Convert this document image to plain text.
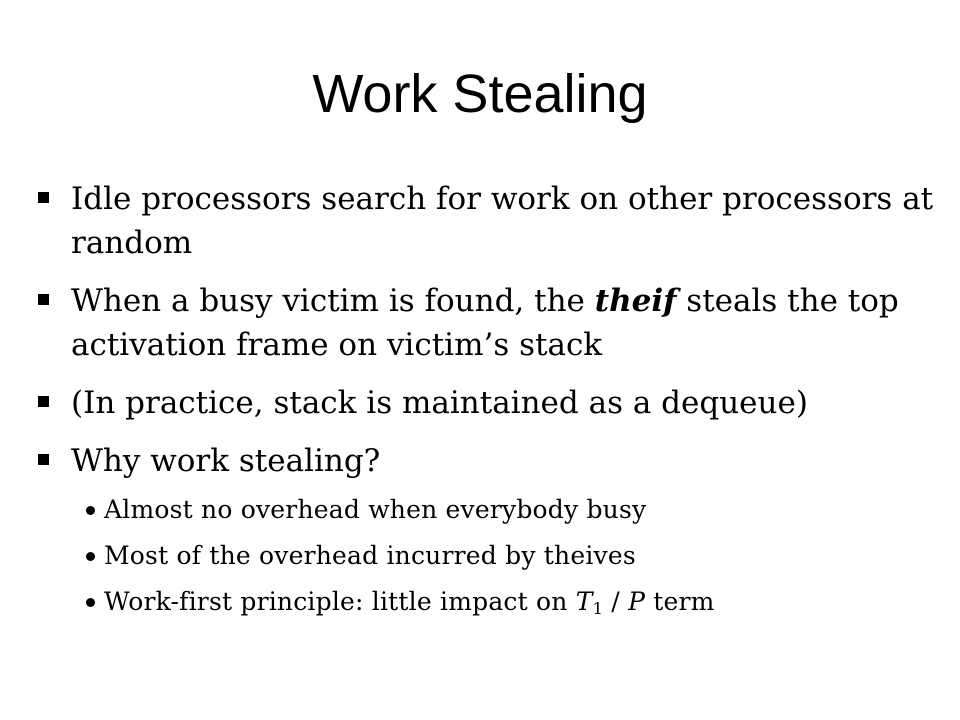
Work Stealing
Idle processors search for work on other processors at random
When a busy victim is found, the theif steals the top activation frame on victim’s stack
(In practice, stack is maintained as a dequeue)
Why work stealing?
Almost no overhead when everybody busy
Most of the overhead incurred by theives
Work-first principle: little impact on $T_1$ / P term
